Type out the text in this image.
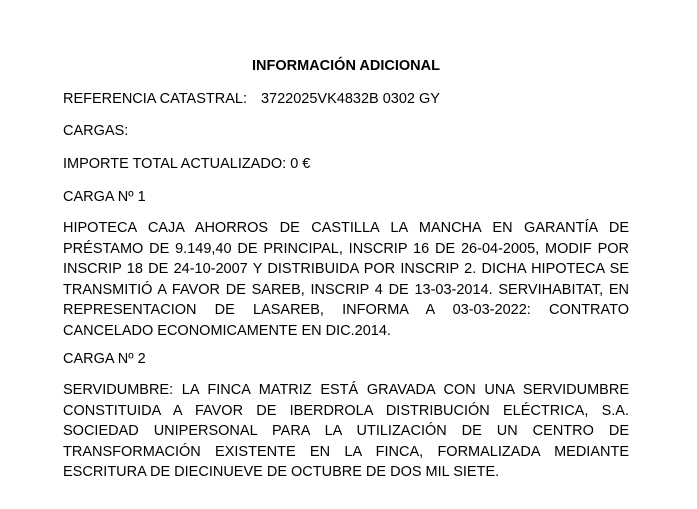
INFORMACIÓN ADICIONAL

REFERENCIA CATASTRAL: 3722025VK4832B 0302 GY

CARGAS:

IMPORTE TOTAL ACTUALIZADO: 0 €

CARGA Nº 1

HIPOTECA CAJA AHORROS DE CASTILLA LA MANCHA EN GARANTÍA DE PRÉSTAMO DE 9.149,40 DE PRINCIPAL, INSCRIP 16 DE 26-04-2005, MODIF POR INSCRIP 18 DE 24-10-2007 Y DISTRIBUIDA POR INSCRIP 2. DICHA HIPOTECA SE TRANSMITIÓ A FAVOR DE SAREB, INSCRIP 4 DE 13-03-2014. SERVIHABITAT, EN REPRESENTACION DE LASAREB, INFORMA A 03-03-2022: CONTRATO CANCELADO ECONOMICAMENTE EN DIC.2014.

CARGA Nº 2

SERVIDUMBRE: LA FINCA MATRIZ ESTÁ GRAVADA CON UNA SERVIDUMBRE CONSTITUIDA A FAVOR DE IBERDROLA DISTRIBUCIÓN ELÉCTRICA, S.A. SOCIEDAD UNIPERSONAL PARA LA UTILIZACIÓN DE UN CENTRO DE TRANSFORMACIÓN EXISTENTE EN LA FINCA, FORMALIZADA MEDIANTE ESCRITURA DE DIECINUEVE DE OCTUBRE DE DOS MIL SIETE.
